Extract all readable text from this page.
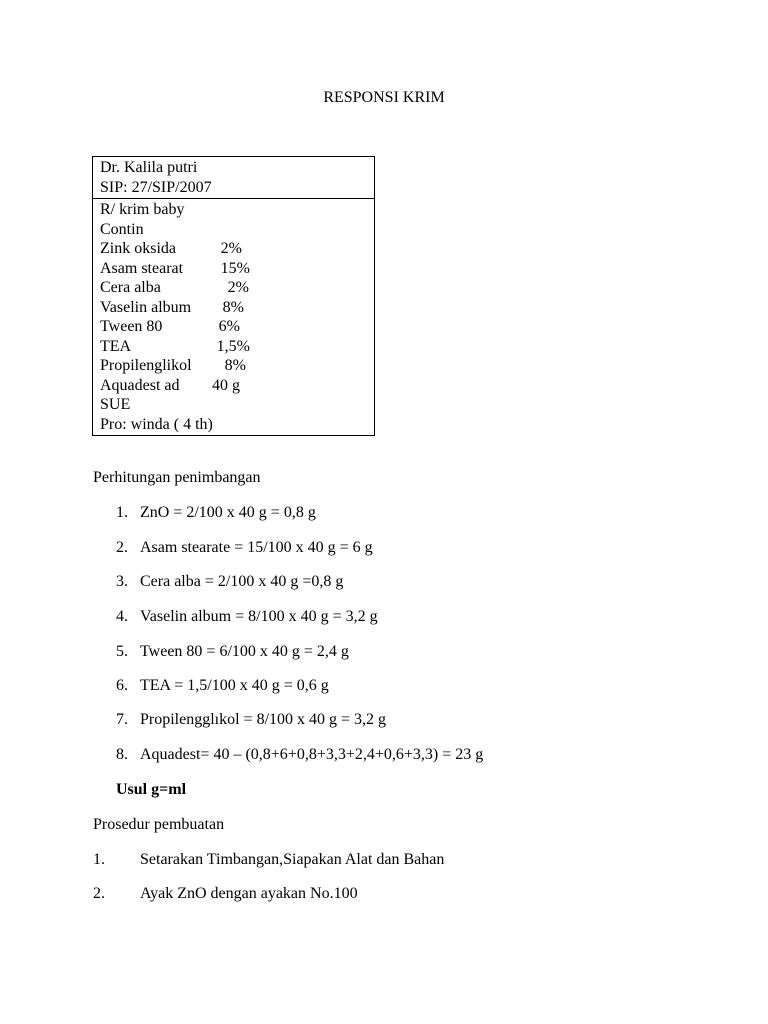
RESPONSI KRIM
Dr. Kalila putri
SIP: 27/SIP/2007
R/ krim baby
Contin
Zink oksida	2%
Asam stearat	15%
Cera alba	2%
Vaselin album	8%
Tween 80	6%
TEA	1,5%
Propilenglikol	8%
Aquadest ad	40 g
SUE
Pro: winda ( 4 th)
Perhitungan penimbangan
1. ZnO = 2/100 x 40 g = 0,8 g
2. Asam stearate = 15/100 x 40 g = 6 g
3. Cera alba = 2/100 x 40 g =0,8 g
4. Vaselin album = 8/100 x 40 g = 3,2 g
5. Tween 80 = 6/100 x 40 g = 2,4 g
6. TEA = 1,5/100 x 40 g = 0,6 g
7. Propilengglıkol = 8/100 x 40 g = 3,2 g
8. Aquadest= 40 – (0,8+6+0,8+3,3+2,4+0,6+3,3) = 23 g
Usul g=ml
Prosedur pembuatan
1. Setarakan Timbangan,Siapakan Alat dan Bahan
2. Ayak ZnO dengan ayakan No.100
